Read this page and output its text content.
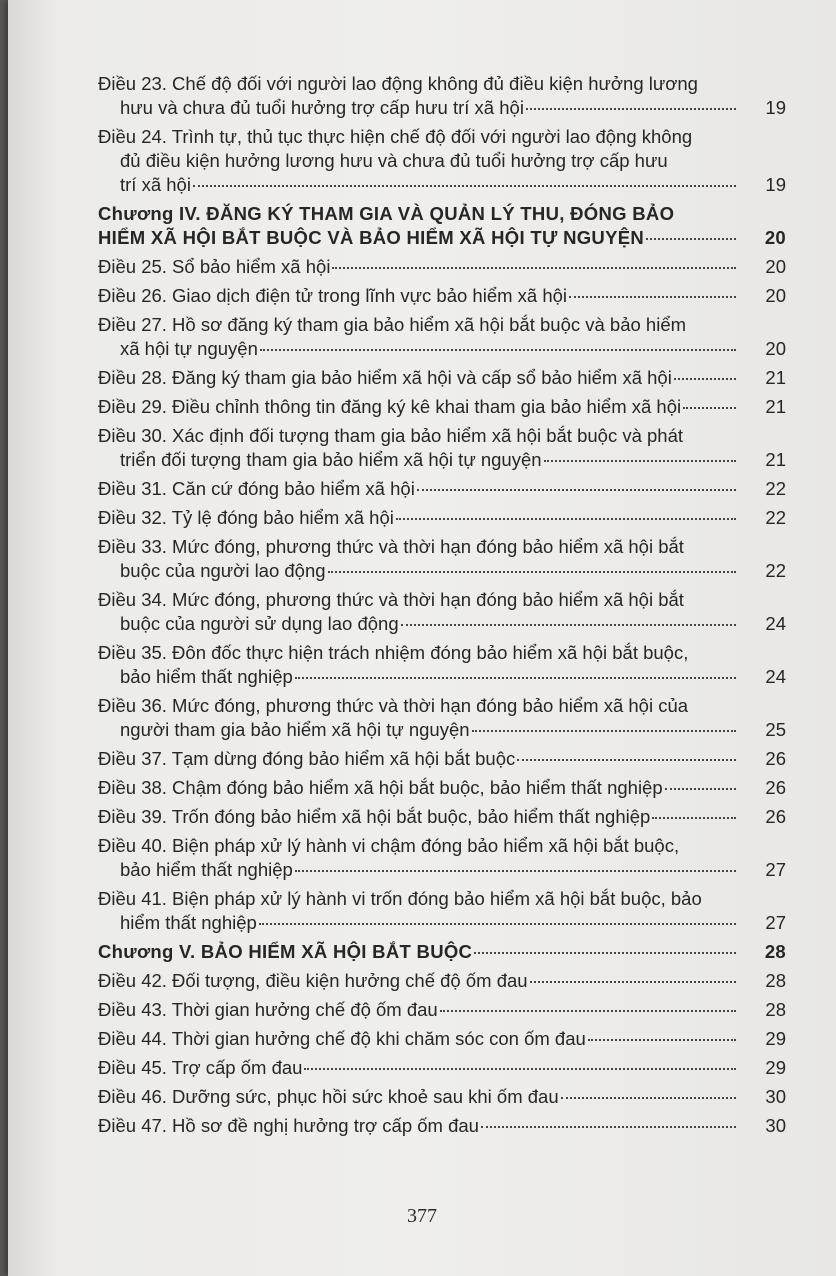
Điều 23. Chế độ đối với người lao động không đủ điều kiện hưởng lương
hưu và chưa đủ tuổi hưởng trợ cấp hưu trí xã hội	19
Điều 24. Trình tự, thủ tục thực hiện chế độ đối với người lao động không
đủ điều kiện hưởng lương hưu và chưa đủ tuổi hưởng trợ cấp hưu
trí xã hội	19
Chương IV. ĐĂNG KÝ THAM GIA VÀ QUẢN LÝ THU, ĐÓNG BẢO
HIỂM XÃ HỘI BẮT BUỘC VÀ BẢO HIỂM XÃ HỘI TỰ NGUYỆN	20
Điều 25. Sổ bảo hiểm xã hội	20
Điều 26. Giao dịch điện tử trong lĩnh vực bảo hiểm xã hội	20
Điều 27. Hồ sơ đăng ký tham gia bảo hiểm xã hội bắt buộc và bảo hiểm
xã hội tự nguyện	20
Điều 28. Đăng ký tham gia bảo hiểm xã hội và cấp sổ bảo hiểm xã hội	21
Điều 29. Điều chỉnh thông tin đăng ký kê khai tham gia bảo hiểm xã hội	21
Điều 30. Xác định đối tượng tham gia bảo hiểm xã hội bắt buộc và phát
triển đối tượng tham gia bảo hiểm xã hội tự nguyện	21
Điều 31. Căn cứ đóng bảo hiểm xã hội	22
Điều 32. Tỷ lệ đóng bảo hiểm xã hội	22
Điều 33. Mức đóng, phương thức và thời hạn đóng bảo hiểm xã hội bắt
buộc của người lao động	22
Điều 34. Mức đóng, phương thức và thời hạn đóng bảo hiểm xã hội bắt
buộc của người sử dụng lao động	24
Điều 35. Đôn đốc thực hiện trách nhiệm đóng bảo hiểm xã hội bắt buộc,
bảo hiểm thất nghiệp	24
Điều 36. Mức đóng, phương thức và thời hạn đóng bảo hiểm xã hội của
người tham gia bảo hiểm xã hội tự nguyện	25
Điều 37. Tạm dừng đóng bảo hiểm xã hội bắt buộc	26
Điều 38. Chậm đóng bảo hiểm xã hội bắt buộc, bảo hiểm thất nghiệp	26
Điều 39. Trốn đóng bảo hiểm xã hội bắt buộc, bảo hiểm thất nghiệp	26
Điều 40. Biện pháp xử lý hành vi chậm đóng bảo hiểm xã hội bắt buộc,
bảo hiểm thất nghiệp	27
Điều 41. Biện pháp xử lý hành vi trốn đóng bảo hiểm xã hội bắt buộc, bảo
hiểm thất nghiệp	27
Chương V. BẢO HIỂM XÃ HỘI BẮT BUỘC	28
Điều 42. Đối tượng, điều kiện hưởng chế độ ốm đau	28
Điều 43. Thời gian hưởng chế độ ốm đau	28
Điều 44. Thời gian hưởng chế độ khi chăm sóc con ốm đau	29
Điều 45. Trợ cấp ốm đau	29
Điều 46. Dưỡng sức, phục hồi sức khoẻ sau khi ốm đau	30
Điều 47. Hồ sơ đề nghị hưởng trợ cấp ốm đau	30
377
